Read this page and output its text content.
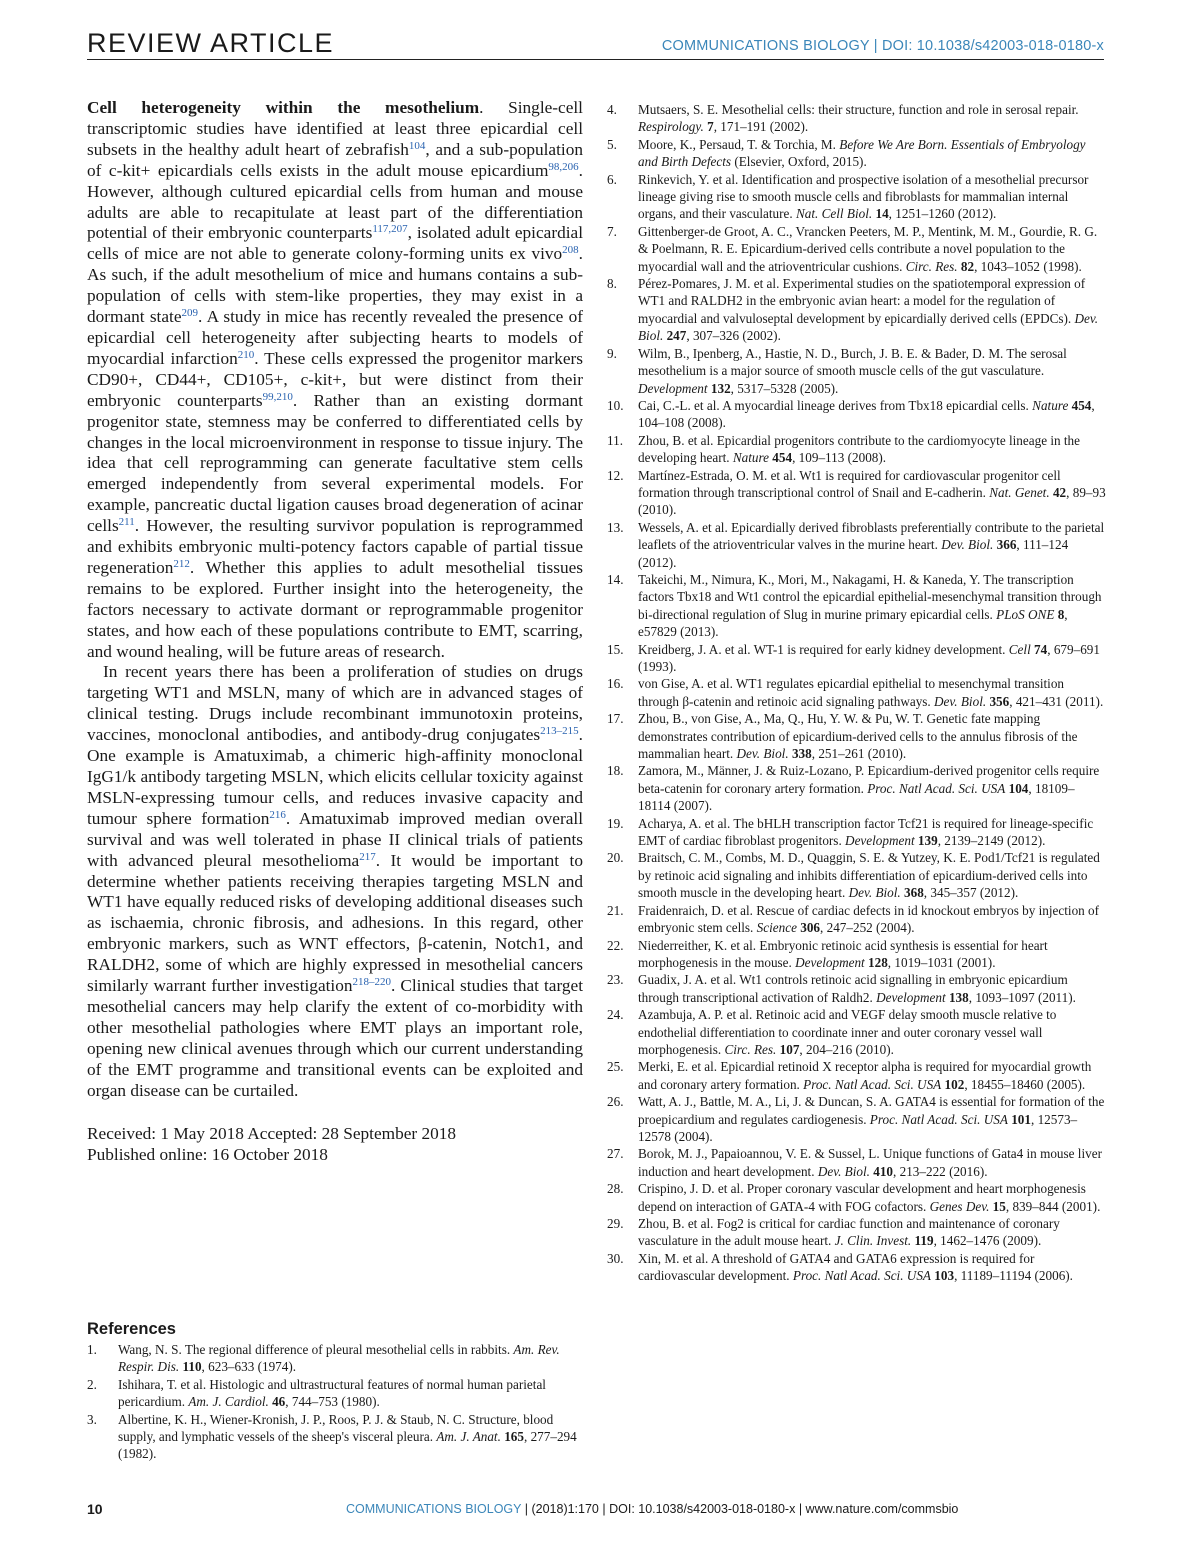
REVIEW ARTICLE	COMMUNICATIONS BIOLOGY | DOI: 10.1038/s42003-018-0180-x

Cell heterogeneity within the mesothelium. Single-cell transcriptomic studies have identified at least three epicardial cell subsets in the healthy adult heart of zebrafish$^{104}$, and a sub-population of c-kit+ epicardials cells exists in the adult mouse epicardium$^{98,206}$. However, although cultured epicardial cells from human and mouse adults are able to recapitulate at least part of the differentiation potential of their embryonic counterparts$^{117,207}$, isolated adult epicardial cells of mice are not able to generate colony-forming units ex vivo$^{208}$. As such, if the adult mesothelium of mice and humans contains a sub-population of cells with stem-like properties, they may exist in a dormant state$^{209}$. A study in mice has recently revealed the presence of epicardial cell heterogeneity after subjecting hearts to models of myocardial infarction$^{210}$. These cells expressed the progenitor markers CD90+, CD44+, CD105+, c-kit+, but were distinct from their embryonic counterparts$^{99,210}$. Rather than an existing dormant progenitor state, stemness may be conferred to differentiated cells by changes in the local microenvironment in response to tissue injury. The idea that cell reprogramming can generate facultative stem cells emerged independently from several experimental models. For example, pancreatic ductal ligation causes broad degeneration of acinar cells$^{211}$. However, the resulting survivor population is reprogrammed and exhibits embryonic multi-potency factors capable of partial tissue regeneration$^{212}$. Whether this applies to adult mesothelial tissues remains to be explored. Further insight into the heterogeneity, the factors necessary to activate dormant or reprogrammable progenitor states, and how each of these populations contribute to EMT, scarring, and wound healing, will be future areas of research.

In recent years there has been a proliferation of studies on drugs targeting WT1 and MSLN, many of which are in advanced stages of clinical testing. Drugs include recombinant immunotoxin proteins, vaccines, monoclonal antibodies, and antibody-drug conjugates$^{213-215}$. One example is Amatuximab, a chimeric high-affinity monoclonal IgG1/k antibody targeting MSLN, which elicits cellular toxicity against MSLN-expressing tumour cells, and reduces invasive capacity and tumour sphere formation$^{216}$. Amatuximab improved median overall survival and was well tolerated in phase II clinical trials of patients with advanced pleural mesothelioma$^{217}$. It would be important to determine whether patients receiving therapies targeting MSLN and WT1 have equally reduced risks of developing additional diseases such as ischaemia, chronic fibrosis, and adhesions. In this regard, other embryonic markers, such as WNT effectors, β-catenin, Notch1, and RALDH2, some of which are highly expressed in mesothelial cancers similarly warrant further investigation$^{218-220}$. Clinical studies that target mesothelial cancers may help clarify the extent of co-morbidity with other mesothelial pathologies where EMT plays an important role, opening new clinical avenues through which our current understanding of the EMT programme and transitional events can be exploited and organ disease can be curtailed.

Received: 1 May 2018 Accepted: 28 September 2018
Published online: 16 October 2018
References
1. Wang, N. S. The regional difference of pleural mesothelial cells in rabbits. Am. Rev. Respir. Dis. 110, 623–633 (1974).
2. Ishihara, T. et al. Histologic and ultrastructural features of normal human parietal pericardium. Am. J. Cardiol. 46, 744–753 (1980).
3. Albertine, K. H., Wiener-Kronish, J. P., Roos, P. J. & Staub, N. C. Structure, blood supply, and lymphatic vessels of the sheep's visceral pleura. Am. J. Anat. 165, 277–294 (1982).
4. Mutsaers, S. E. Mesothelial cells: their structure, function and role in serosal repair. Respirology. 7, 171–191 (2002).
5. Moore, K., Persaud, T. & Torchia, M. Before We Are Born. Essentials of Embryology and Birth Defects (Elsevier, Oxford, 2015).
6. Rinkevich, Y. et al. Identification and prospective isolation of a mesothelial precursor lineage giving rise to smooth muscle cells and fibroblasts for mammalian internal organs, and their vasculature. Nat. Cell Biol. 14, 1251–1260 (2012).
7. Gittenberger-de Groot, A. C., Vrancken Peeters, M. P., Mentink, M. M., Gourdie, R. G. & Poelmann, R. E. Epicardium-derived cells contribute a novel population to the myocardial wall and the atrioventricular cushions. Circ. Res. 82, 1043–1052 (1998).
8. Pérez-Pomares, J. M. et al. Experimental studies on the spatiotemporal expression of WT1 and RALDH2 in the embryonic avian heart: a model for the regulation of myocardial and valvuloseptal development by epicardially derived cells (EPDCs). Dev. Biol. 247, 307–326 (2002).
9. Wilm, B., Ipenberg, A., Hastie, N. D., Burch, J. B. E. & Bader, D. M. The serosal mesothelium is a major source of smooth muscle cells of the gut vasculature. Development 132, 5317–5328 (2005).
10. Cai, C.-L. et al. A myocardial lineage derives from Tbx18 epicardial cells. Nature 454, 104–108 (2008).
11. Zhou, B. et al. Epicardial progenitors contribute to the cardiomyocyte lineage in the developing heart. Nature 454, 109–113 (2008).
12. Martínez-Estrada, O. M. et al. Wt1 is required for cardiovascular progenitor cell formation through transcriptional control of Snail and E-cadherin. Nat. Genet. 42, 89–93 (2010).
13. Wessels, A. et al. Epicardially derived fibroblasts preferentially contribute to the parietal leaflets of the atrioventricular valves in the murine heart. Dev. Biol. 366, 111–124 (2012).
14. Takeichi, M., Nimura, K., Mori, M., Nakagami, H. & Kaneda, Y. The transcription factors Tbx18 and Wt1 control the epicardial epithelial-mesenchymal transition through bi-directional regulation of Slug in murine primary epicardial cells. PLoS ONE 8, e57829 (2013).
15. Kreidberg, J. A. et al. WT-1 is required for early kidney development. Cell 74, 679–691 (1993).
16. von Gise, A. et al. WT1 regulates epicardial epithelial to mesenchymal transition through β-catenin and retinoic acid signaling pathways. Dev. Biol. 356, 421–431 (2011).
17. Zhou, B., von Gise, A., Ma, Q., Hu, Y. W. & Pu, W. T. Genetic fate mapping demonstrates contribution of epicardium-derived cells to the annulus fibrosis of the mammalian heart. Dev. Biol. 338, 251–261 (2010).
18. Zamora, M., Männer, J. & Ruiz-Lozano, P. Epicardium-derived progenitor cells require beta-catenin for coronary artery formation. Proc. Natl Acad. Sci. USA 104, 18109–18114 (2007).
19. Acharya, A. et al. The bHLH transcription factor Tcf21 is required for lineage-specific EMT of cardiac fibroblast progenitors. Development 139, 2139–2149 (2012).
20. Braitsch, C. M., Combs, M. D., Quaggin, S. E. & Yutzey, K. E. Pod1/Tcf21 is regulated by retinoic acid signaling and inhibits differentiation of epicardium-derived cells into smooth muscle in the developing heart. Dev. Biol. 368, 345–357 (2012).
21. Fraidenraich, D. et al. Rescue of cardiac defects in id knockout embryos by injection of embryonic stem cells. Science 306, 247–252 (2004).
22. Niederreither, K. et al. Embryonic retinoic acid synthesis is essential for heart morphogenesis in the mouse. Development 128, 1019–1031 (2001).
23. Guadix, J. A. et al. Wt1 controls retinoic acid signalling in embryonic epicardium through transcriptional activation of Raldh2. Development 138, 1093–1097 (2011).
24. Azambuja, A. P. et al. Retinoic acid and VEGF delay smooth muscle relative to endothelial differentiation to coordinate inner and outer coronary vessel wall morphogenesis. Circ. Res. 107, 204–216 (2010).
25. Merki, E. et al. Epicardial retinoid X receptor alpha is required for myocardial growth and coronary artery formation. Proc. Natl Acad. Sci. USA 102, 18455–18460 (2005).
26. Watt, A. J., Battle, M. A., Li, J. & Duncan, S. A. GATA4 is essential for formation of the proepicardium and regulates cardiogenesis. Proc. Natl Acad. Sci. USA 101, 12573–12578 (2004).
27. Borok, M. J., Papaioannou, V. E. & Sussel, L. Unique functions of Gata4 in mouse liver induction and heart development. Dev. Biol. 410, 213–222 (2016).
28. Crispino, J. D. et al. Proper coronary vascular development and heart morphogenesis depend on interaction of GATA-4 with FOG cofactors. Genes Dev. 15, 839–844 (2001).
29. Zhou, B. et al. Fog2 is critical for cardiac function and maintenance of coronary vasculature in the adult mouse heart. J. Clin. Invest. 119, 1462–1476 (2009).
30. Xin, M. et al. A threshold of GATA4 and GATA6 expression is required for cardiovascular development. Proc. Natl Acad. Sci. USA 103, 11189–11194 (2006).
10	COMMUNICATIONS BIOLOGY | (2018)1:170 | DOI: 10.1038/s42003-018-0180-x | www.nature.com/commsbio
